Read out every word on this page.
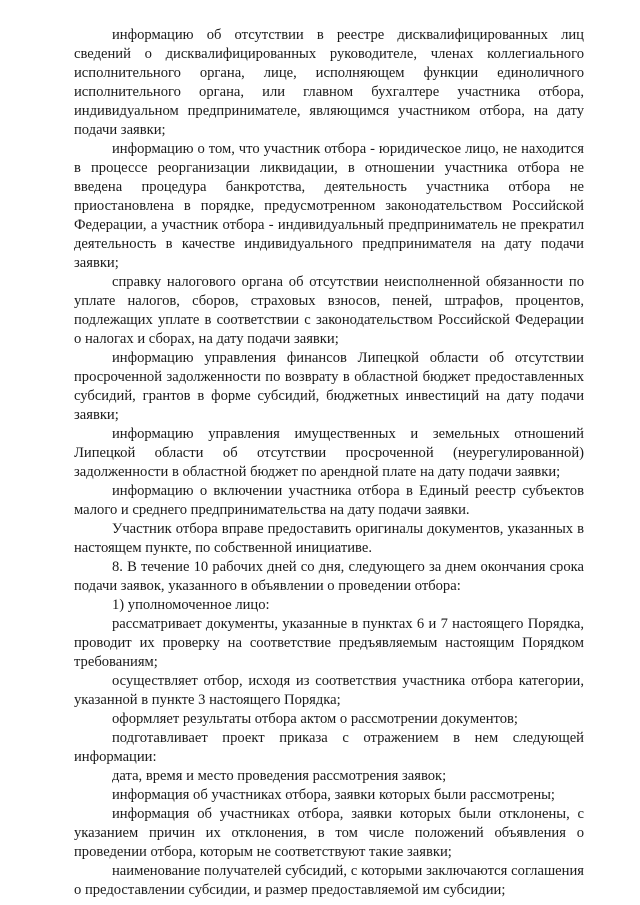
информацию об отсутствии в реестре дисквалифицированных лиц сведений о дисквалифицированных руководителе, членах коллегиального исполнительного органа, лице, исполняющем функции единоличного исполнительного органа, или главном бухгалтере участника отбора, индивидуальном предпринимателе, являющимся участником отбора, на дату подачи заявки;

информацию о том, что участник отбора - юридическое лицо, не находится в процессе реорганизации ликвидации, в отношении участника отбора не введена процедура банкротства, деятельность участника отбора не приостановлена в порядке, предусмотренном законодательством Российской Федерации, а участник отбора - индивидуальный предприниматель не прекратил деятельность в качестве индивидуального предпринимателя на дату подачи заявки;

справку налогового органа об отсутствии неисполненной обязанности по уплате налогов, сборов, страховых взносов, пеней, штрафов, процентов, подлежащих уплате в соответствии с законодательством Российской Федерации о налогах и сборах, на дату подачи заявки;

информацию управления финансов Липецкой области об отсутствии просроченной задолженности по возврату в областной бюджет предоставленных субсидий, грантов в форме субсидий, бюджетных инвестиций на дату подачи заявки;

информацию управления имущественных и земельных отношений Липецкой области об отсутствии просроченной (неурегулированной) задолженности в областной бюджет по арендной плате на дату подачи заявки;

информацию о включении участника отбора в Единый реестр субъектов малого и среднего предпринимательства на дату подачи заявки.

Участник отбора вправе предоставить оригиналы документов, указанных в настоящем пункте, по собственной инициативе.

8. В течение 10 рабочих дней со дня, следующего за днем окончания срока подачи заявок, указанного в объявлении о проведении отбора:

1) уполномоченное лицо:

рассматривает документы, указанные в пунктах 6 и 7 настоящего Порядка, проводит их проверку на соответствие предъявляемым настоящим Порядком требованиям;

осуществляет отбор, исходя из соответствия участника отбора категории, указанной в пункте 3 настоящего Порядка;

оформляет результаты отбора актом о рассмотрении документов;

подготавливает проект приказа с отражением в нем следующей информации:

дата, время и место проведения рассмотрения заявок;

информация об участниках отбора, заявки которых были рассмотрены;

информация об участниках отбора, заявки которых были отклонены, с указанием причин их отклонения, в том числе положений объявления о проведении отбора, которым не соответствуют такие заявки;

наименование получателей субсидий, с которыми заключаются соглашения о предоставлении субсидии, и размер предоставляемой им субсидии;
